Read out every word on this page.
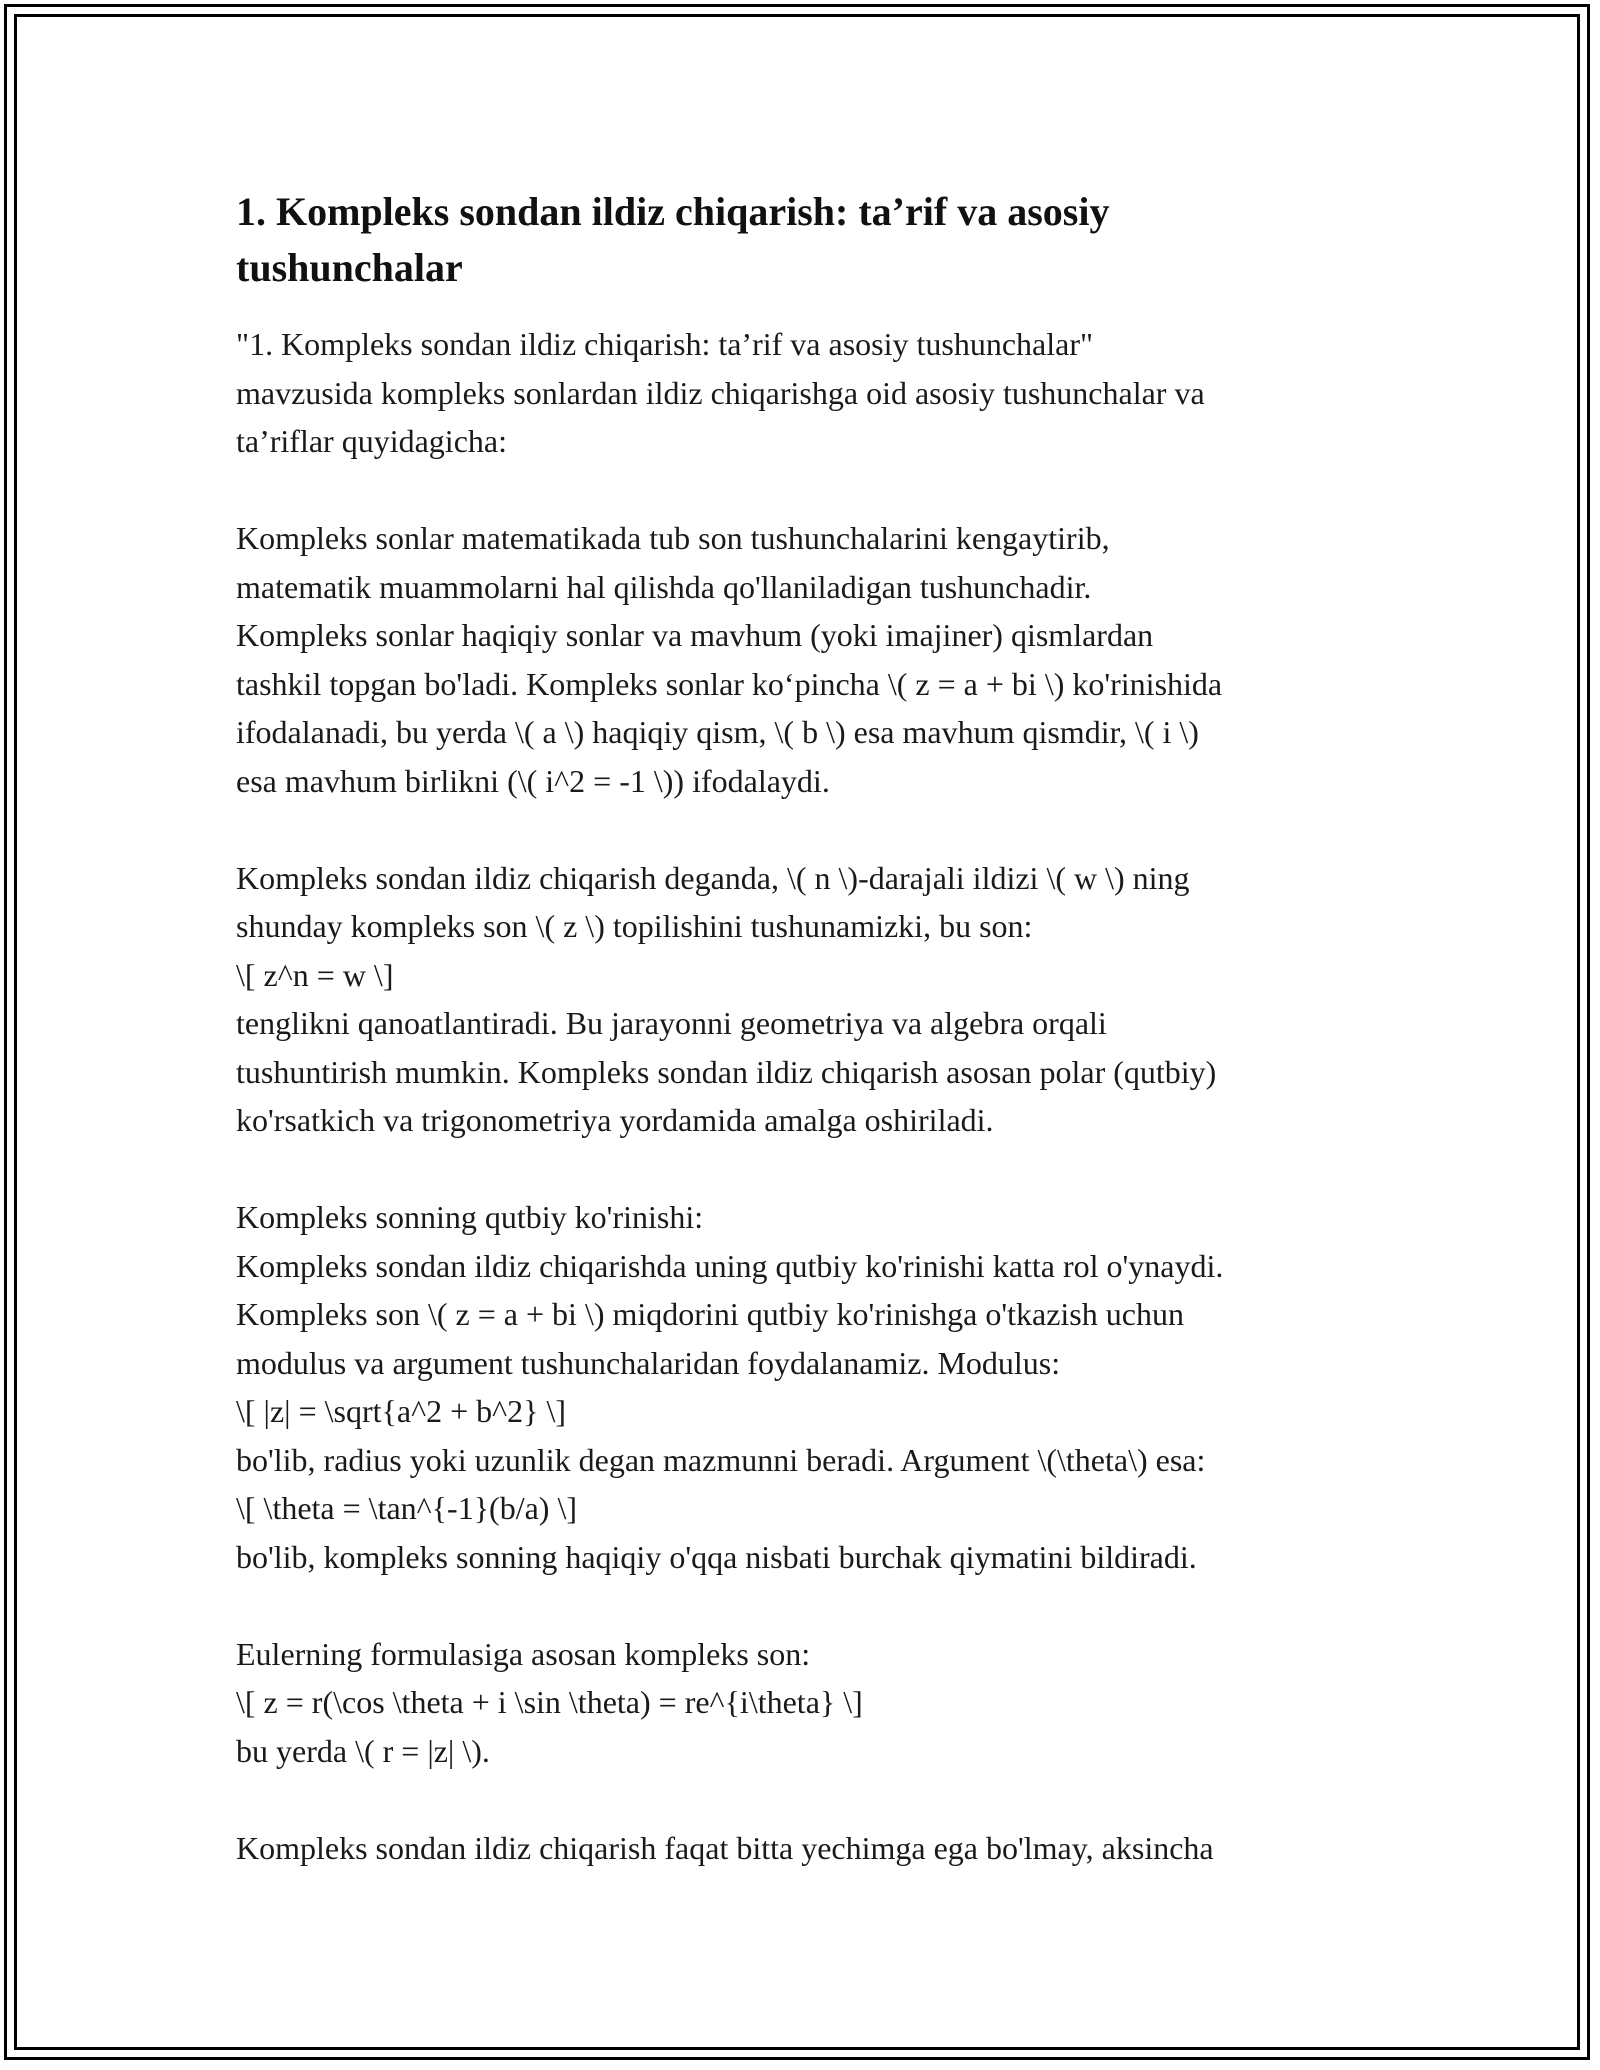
1. Kompleks sondan ildiz chiqarish: ta’rif va asosiy
tushunchalar

"1. Kompleks sondan ildiz chiqarish: ta’rif va asosiy tushunchalar"
mavzusida kompleks sonlardan ildiz chiqarishga oid asosiy tushunchalar va
ta’riflar quyidagicha:

Kompleks sonlar matematikada tub son tushunchalarini kengaytirib,
matematik muammolarni hal qilishda qo'llaniladigan tushunchadir.
Kompleks sonlar haqiqiy sonlar va mavhum (yoki imajiner) qismlardan
tashkil topgan bo'ladi. Kompleks sonlar ko‘pincha \( z = a + bi \) ko'rinishida
ifodalanadi, bu yerda \( a \) haqiqiy qism, \( b \) esa mavhum qismdir, \( i \)
esa mavhum birlikni (\( i^2 = -1 \)) ifodalaydi.

Kompleks sondan ildiz chiqarish deganda, \( n \)-darajali ildizi \( w \) ning
shunday kompleks son \( z \) topilishini tushunamizki, bu son:
\[ z^n = w \]
tenglikni qanoatlantiradi. Bu jarayonni geometriya va algebra orqali
tushuntirish mumkin. Kompleks sondan ildiz chiqarish asosan polar (qutbiy)
ko'rsatkich va trigonometriya yordamida amalga oshiriladi.

Kompleks sonning qutbiy ko'rinishi:
Kompleks sondan ildiz chiqarishda uning qutbiy ko'rinishi katta rol o'ynaydi.
Kompleks son \( z = a + bi \) miqdorini qutbiy ko'rinishga o'tkazish uchun
modulus va argument tushunchalaridan foydalanamiz. Modulus:
\[ |z| = \sqrt{a^2 + b^2} \]
bo'lib, radius yoki uzunlik degan mazmunni beradi. Argument \(\theta\) esa:
\[ \theta = \tan^{-1}(b/a) \]
bo'lib, kompleks sonning haqiqiy o'qqa nisbati burchak qiymatini bildiradi.

Eulerning formulasiga asosan kompleks son:
\[ z = r(\cos \theta + i \sin \theta) = re^{i\theta} \]
bu yerda \( r = |z| \).

Kompleks sondan ildiz chiqarish faqat bitta yechimga ega bo'lmay, aksincha
